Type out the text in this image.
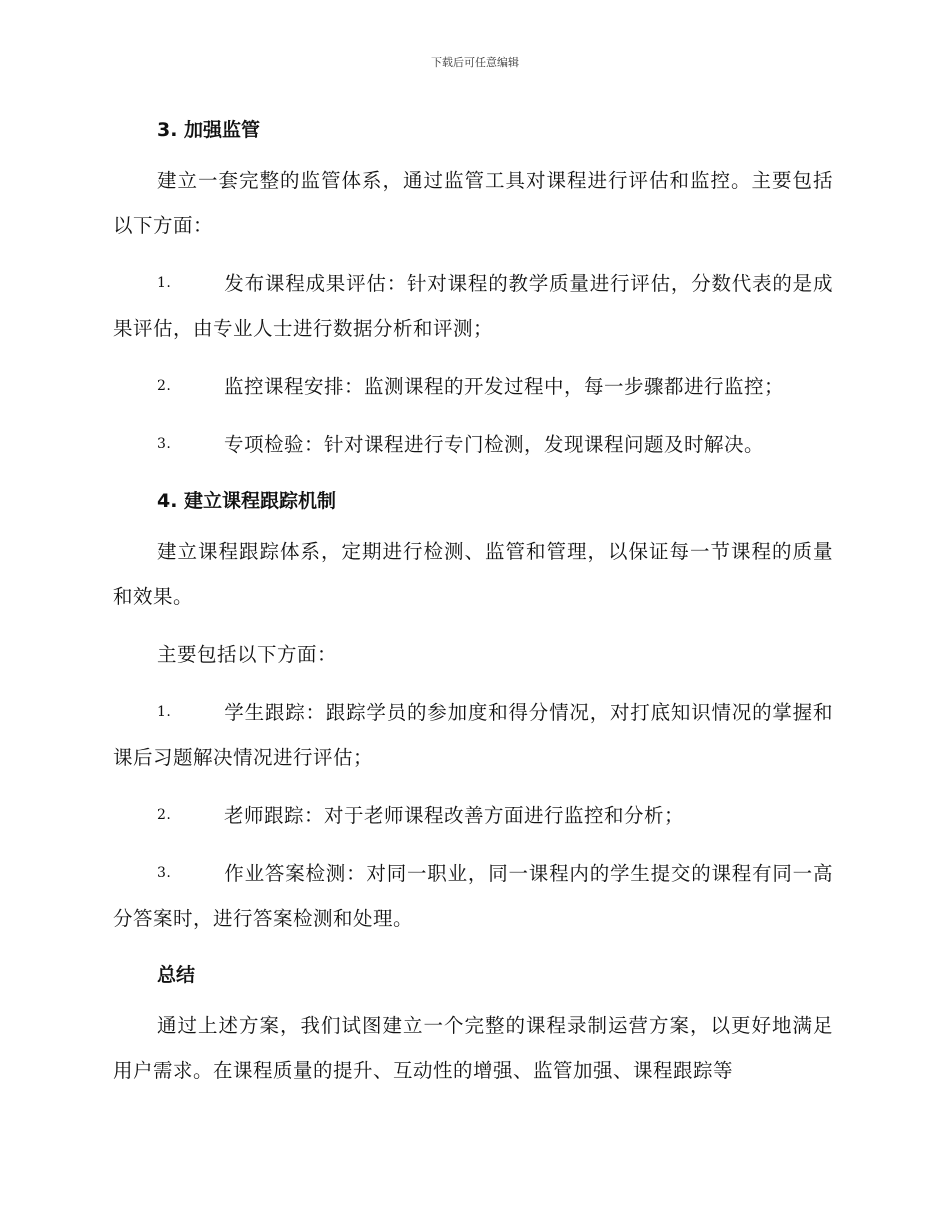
下载后可任意编辑
3. 加强监管

建立一套完整的监管体系，通过监管工具对课程进行评估和监控。主要包括以下方面：

1.	发布课程成果评估：针对课程的教学质量进行评估，分数代表的是成果评估，由专业人士进行数据分析和评测；

2.	监控课程安排：监测课程的开发过程中，每一步骤都进行监控；

3.	专项检验：针对课程进行专门检测，发现课程问题及时解决。

4. 建立课程跟踪机制

建立课程跟踪体系，定期进行检测、监管和管理，以保证每一节课程的质量和效果。

主要包括以下方面：

1.	学生跟踪：跟踪学员的参加度和得分情况，对打底知识情况的掌握和课后习题解决情况进行评估；

2.	老师跟踪：对于老师课程改善方面进行监控和分析；

3.	作业答案检测：对同一职业，同一课程内的学生提交的课程有同一高分答案时，进行答案检测和处理。

总结

通过上述方案，我们试图建立一个完整的课程录制运营方案，以更好地满足用户需求。在课程质量的提升、互动性的增强、监管加强、课程跟踪等
